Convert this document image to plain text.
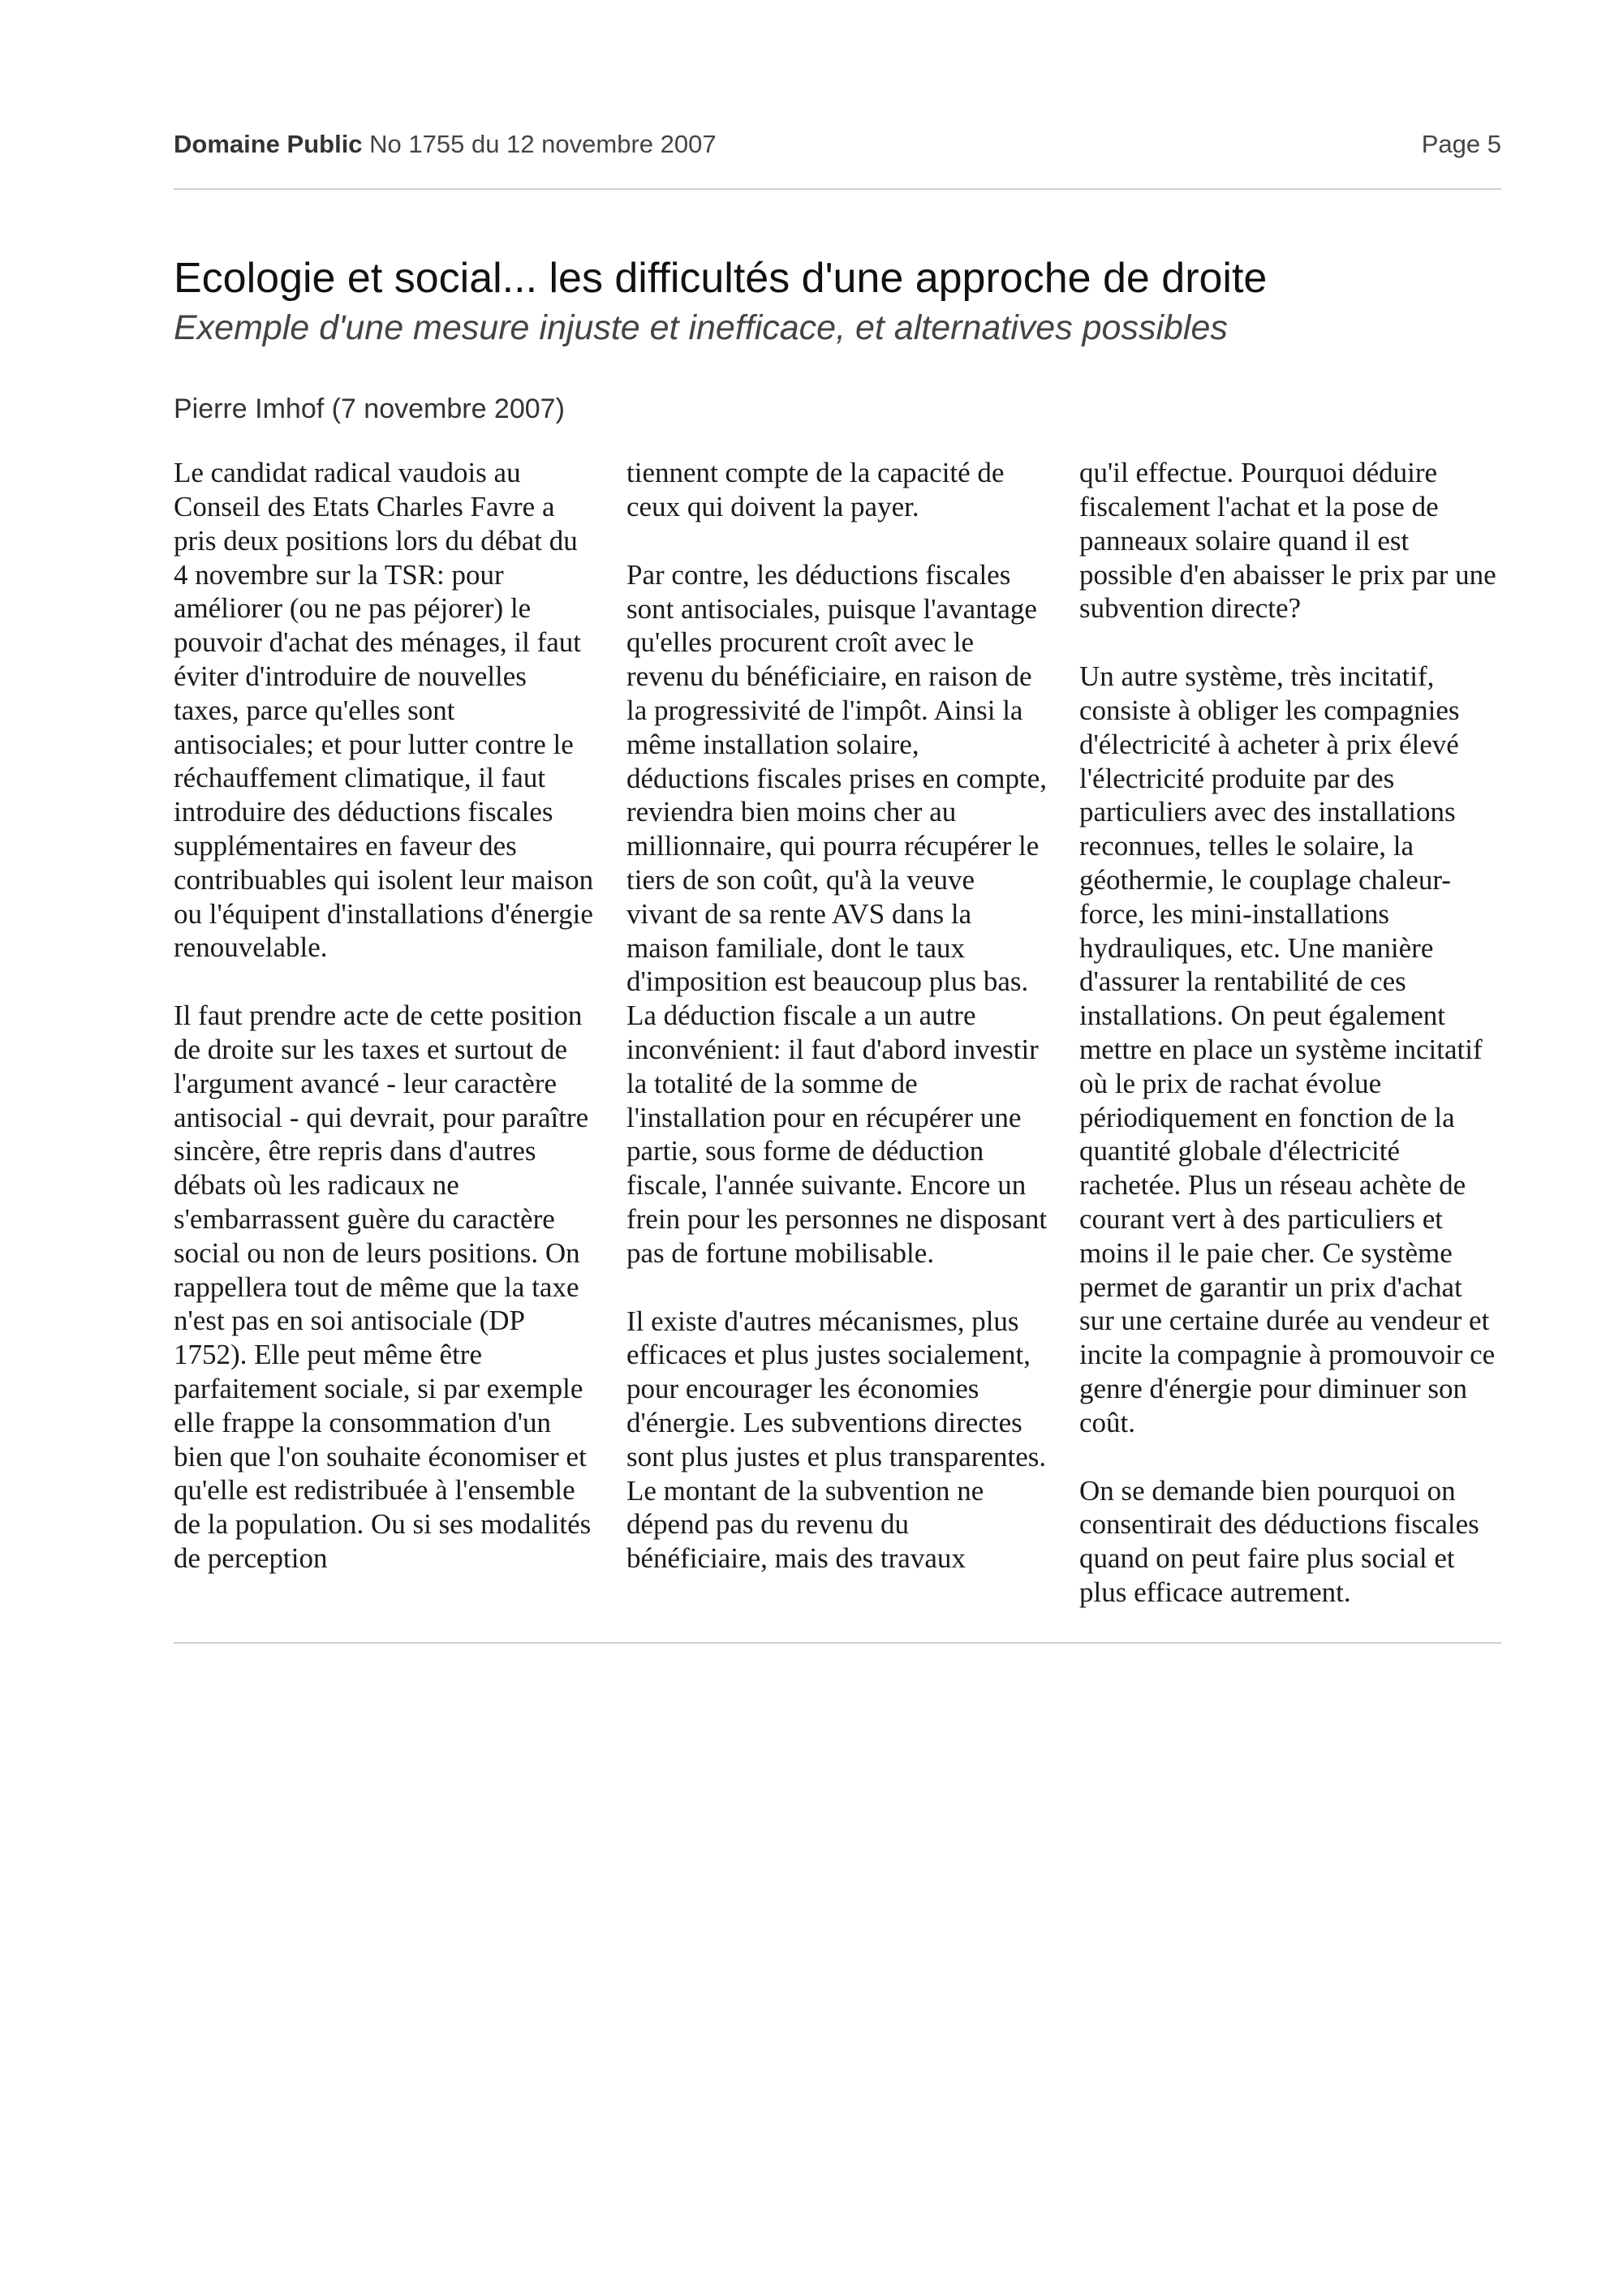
Domaine Public No 1755 du 12 novembre 2007	Page 5
Ecologie et social... les difficultés d'une approche de droite
Exemple d'une mesure injuste et inefficace, et alternatives possibles
Pierre Imhof (7 novembre 2007)

Le candidat radical vaudois au Conseil des Etats Charles Favre a pris deux positions lors du débat du 4 novembre sur la TSR: pour améliorer (ou ne pas péjorer) le pouvoir d'achat des ménages, il faut éviter d'introduire de nouvelles taxes, parce qu'elles sont antisociales; et pour lutter contre le réchauffement climatique, il faut introduire des déductions fiscales supplémentaires en faveur des contribuables qui isolent leur maison ou l'équipent d'installations d'énergie renouvelable.

Il faut prendre acte de cette position de droite sur les taxes et surtout de l'argument avancé - leur caractère antisocial - qui devrait, pour paraître sincère, être repris dans d'autres débats où les radicaux ne s'embarrassent guère du caractère social ou non de leurs positions. On rappellera tout de même que la taxe n'est pas en soi antisociale (DP 1752). Elle peut même être parfaitement sociale, si par exemple elle frappe la consommation d'un bien que l'on souhaite économiser et qu'elle est redistribuée à l'ensemble de la population. Ou si ses modalités de perception

tiennent compte de la capacité de ceux qui doivent la payer.

Par contre, les déductions fiscales sont antisociales, puisque l'avantage qu'elles procurent croît avec le revenu du bénéficiaire, en raison de la progressivité de l'impôt. Ainsi la même installation solaire, déductions fiscales prises en compte, reviendra bien moins cher au millionnaire, qui pourra récupérer le tiers de son coût, qu'à la veuve vivant de sa rente AVS dans la maison familiale, dont le taux d'imposition est beaucoup plus bas. La déduction fiscale a un autre inconvénient: il faut d'abord investir la totalité de la somme de l'installation pour en récupérer une partie, sous forme de déduction fiscale, l'année suivante. Encore un frein pour les personnes ne disposant pas de fortune mobilisable.

Il existe d'autres mécanismes, plus efficaces et plus justes socialement, pour encourager les économies d'énergie. Les subventions directes sont plus justes et plus transparentes. Le montant de la subvention ne dépend pas du revenu du bénéficiaire, mais des travaux

qu'il effectue. Pourquoi déduire fiscalement l'achat et la pose de panneaux solaire quand il est possible d'en abaisser le prix par une subvention directe?

Un autre système, très incitatif, consiste à obliger les compagnies d'électricité à acheter à prix élevé l'électricité produite par des particuliers avec des installations reconnues, telles le solaire, la géothermie, le couplage chaleur-force, les mini-installations hydrauliques, etc. Une manière d'assurer la rentabilité de ces installations. On peut également mettre en place un système incitatif où le prix de rachat évolue périodiquement en fonction de la quantité globale d'électricité rachetée. Plus un réseau achète de courant vert à des particuliers et moins il le paie cher. Ce système permet de garantir un prix d'achat sur une certaine durée au vendeur et incite la compagnie à promouvoir ce genre d'énergie pour diminuer son coût.

On se demande bien pourquoi on consentirait des déductions fiscales quand on peut faire plus social et plus efficace autrement.
